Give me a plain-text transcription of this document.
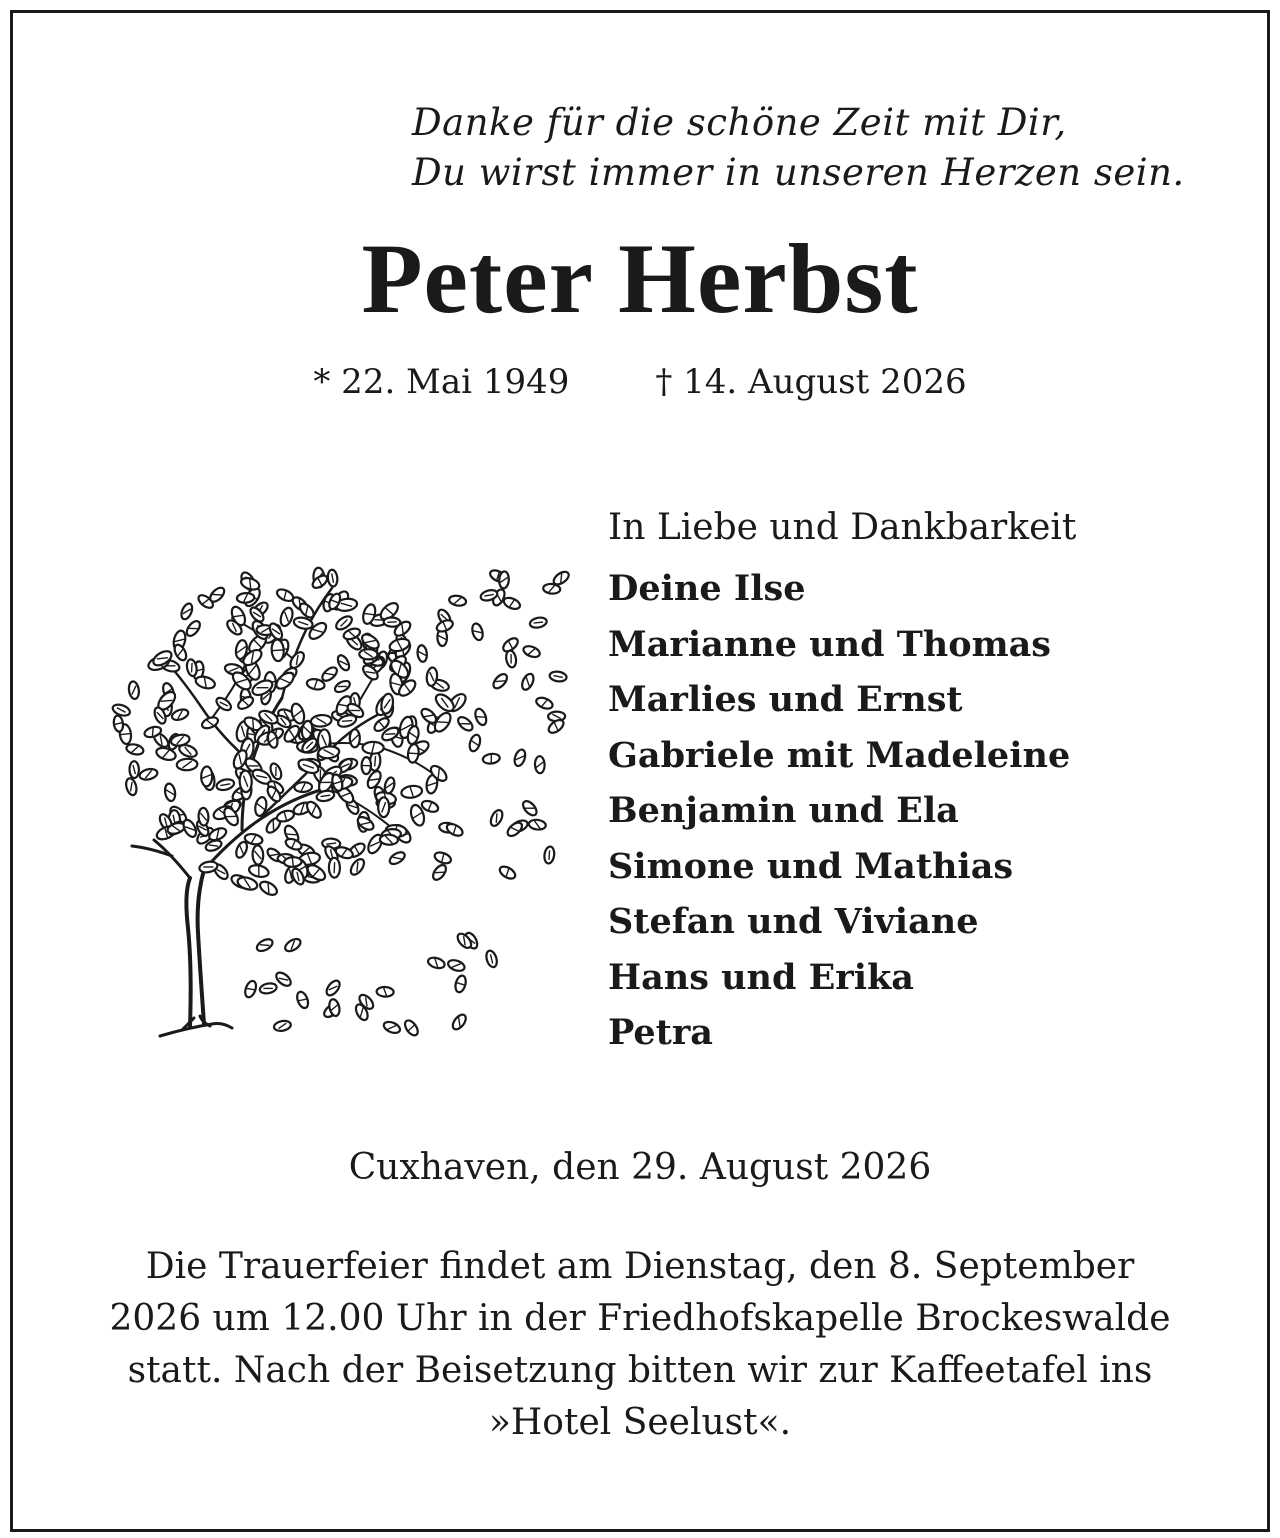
Danke für die schöne Zeit mit Dir,
Du wirst immer in unseren Herzen sein.
Peter Herbst
* 22. Mai 1949	† 14. August 2026
In Liebe und Dankbarkeit
Deine Ilse
Marianne und Thomas
Marlies und Ernst
Gabriele mit Madeleine
Benjamin und Ela
Simone und Mathias
Stefan und Viviane
Hans und Erika
Petra
Cuxhaven, den 29. August 2026
Die Trauerfeier findet am Dienstag, den 8. September
2026 um 12.00 Uhr in der Friedhofskapelle Brockeswalde
statt. Nach der Beisetzung bitten wir zur Kaffeetafel ins
»Hotel Seelust«.
